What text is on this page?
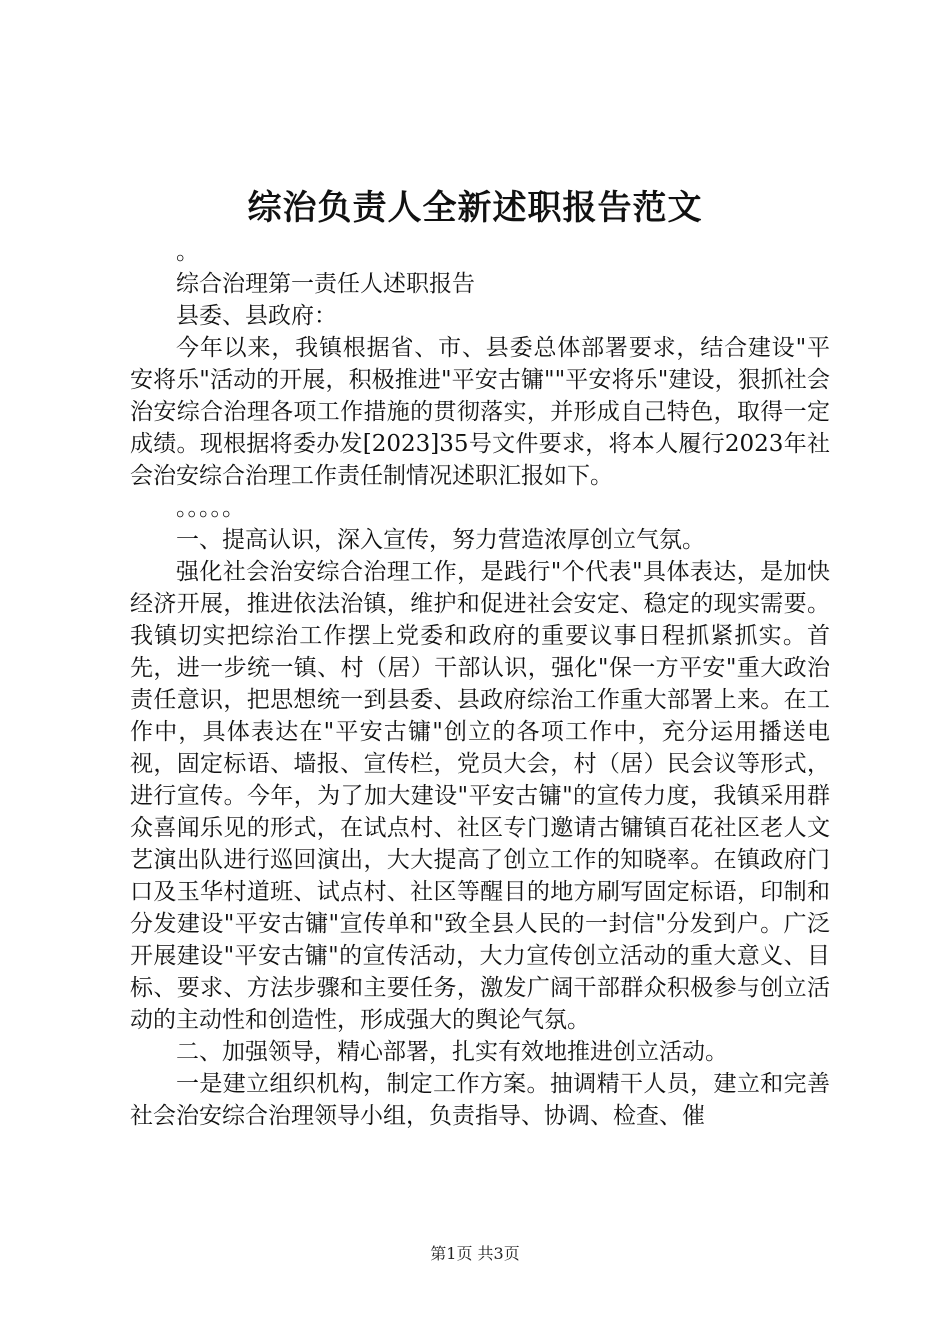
综治负责人全新述职报告范文

。

综合治理第一责任人述职报告

县委、县政府：

今年以来，我镇根据省、市、县委总体部署要求，结合建设"平安将乐"活动的开展，积极推进"平安古镛""平安将乐"建设，狠抓社会治安综合治理各项工作措施的贯彻落实，并形成自己特色，取得一定成绩。现根据将委办发[2023]35号文件要求，将本人履行2023年社会治安综合治理工作责任制情况述职汇报如下。

。。。。。

一、提高认识，深入宣传，努力营造浓厚创立气氛。

强化社会治安综合治理工作，是践行"个代表"具体表达，是加快经济开展，推进依法治镇，维护和促进社会安定、稳定的现实需要。我镇切实把综治工作摆上党委和政府的重要议事日程抓紧抓实。首先，进一步统一镇、村（居）干部认识，强化"保一方平安"重大政治责任意识，把思想统一到县委、县政府综治工作重大部署上来。在工作中，具体表达在"平安古镛"创立的各项工作中，充分运用播送电视，固定标语、墙报、宣传栏，党员大会，村（居）民会议等形式，进行宣传。今年，为了加大建设"平安古镛"的宣传力度，我镇采用群众喜闻乐见的形式，在试点村、社区专门邀请古镛镇百花社区老人文艺演出队进行巡回演出，大大提高了创立工作的知晓率。在镇政府门口及玉华村道班、试点村、社区等醒目的地方刷写固定标语，印制和分发建设"平安古镛"宣传单和"致全县人民的一封信"分发到户。广泛开展建设"平安古镛"的宣传活动，大力宣传创立活动的重大意义、目标、要求、方法步骤和主要任务，激发广阔干部群众积极参与创立活动的主动性和创造性，形成强大的舆论气氛。

二、加强领导，精心部署，扎实有效地推进创立活动。

一是建立组织机构，制定工作方案。抽调精干人员，建立和完善社会治安综合治理领导小组，负责指导、协调、检查、催

第1页 共3页
